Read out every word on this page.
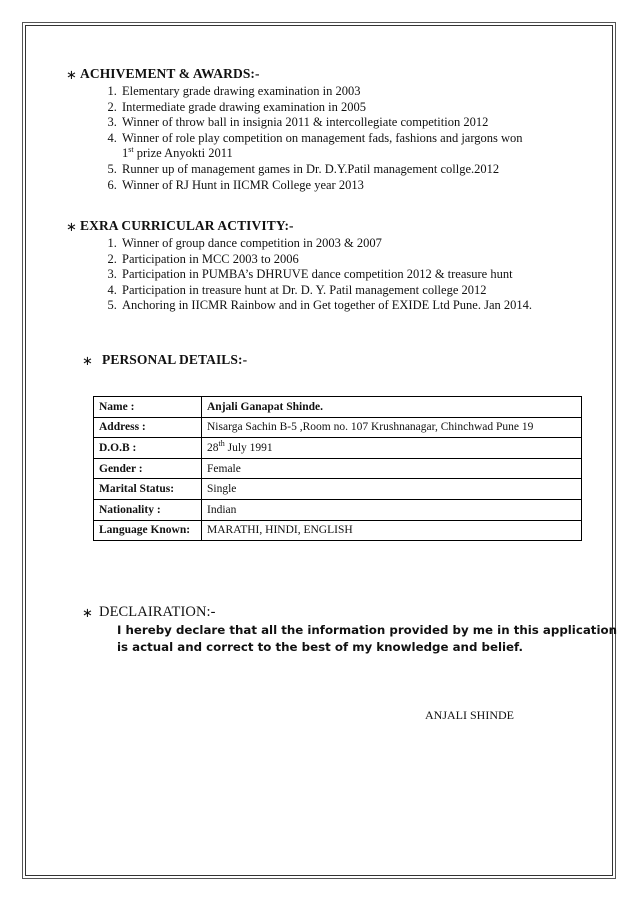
∗ ACHIVEMENT & AWARDS:-
1. Elementary grade drawing examination in 2003
2. Intermediate grade drawing examination in 2005
3. Winner of throw ball in insignia 2011 & intercollegiate competition 2012
4. Winner of role play competition on management fads, fashions and jargons won
1st prize Anyokti 2011
5. Runner up of management games in Dr. D.Y.Patil management collge.2012
6. Winner of RJ Hunt in IICMR College year 2013
∗ EXRA CURRICULAR ACTIVITY:-
1. Winner of group dance competition in 2003 & 2007
2. Participation in MCC 2003 to 2006
3. Participation in PUMBA’s DHRUVE dance competition 2012 & treasure hunt
4. Participation in treasure hunt at Dr. D. Y. Patil management college 2012
5. Anchoring in IICMR Rainbow and in Get together of EXIDE Ltd Pune. Jan 2014.
∗ PERSONAL DETAILS:-
Name :	Anjali Ganapat Shinde.
Address :	Nisarga Sachin B-5 ,Room no. 107 Krushnanagar, Chinchwad Pune 19
D.O.B :	28th July 1991
Gender :	Female
Marital Status:	Single
Nationality :	Indian
Language Known:	MARATHI, HINDI, ENGLISH
∗ DECLAIRATION:-
I hereby declare that all the information provided by me in this application
is actual and correct to the best of my knowledge and belief.
ANJALI SHINDE
